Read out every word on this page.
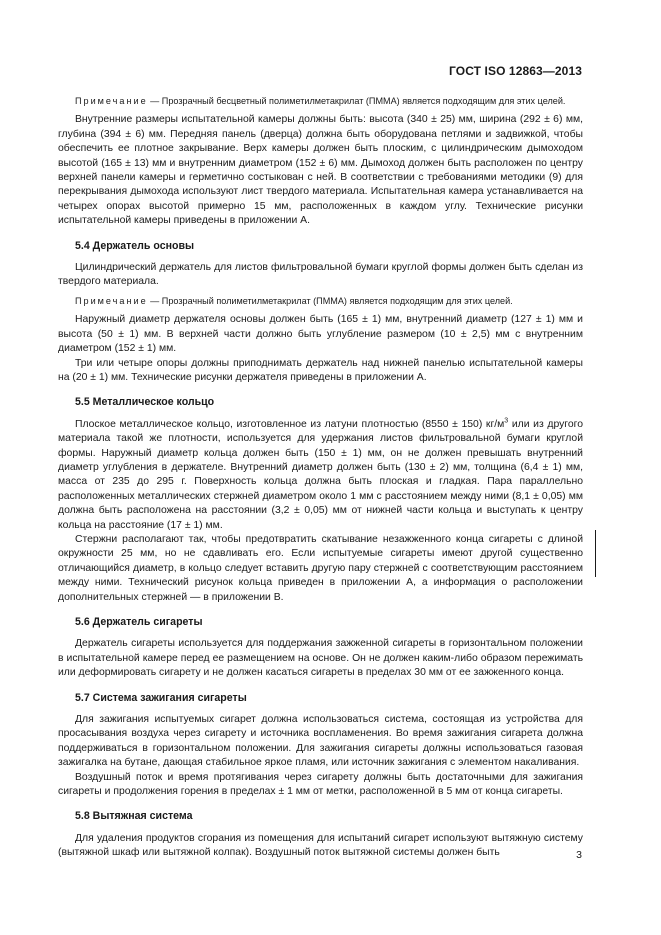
ГОСТ ISO 12863—2013

Примечание — Прозрачный бесцветный полиметилметакрилат (ПММА) является подходящим для этих целей.

Внутренние размеры испытательной камеры должны быть: высота (340 ± 25) мм, ширина (292 ± 6) мм, глубина (394 ± 6) мм. Передняя панель (дверца) должна быть оборудована петлями и задвижкой, чтобы обеспечить ее плотное закрывание. Верх камеры должен быть плоским, с цилиндрическим дымоходом высотой (165 ± 13) мм и внутренним диаметром (152 ± 6) мм. Дымоход должен быть расположен по центру верхней панели камеры и герметично состыкован с ней. В соответствии с требованиями методики (9) для перекрывания дымохода используют лист твердого материала. Испытательная камера устанавливается на четырех опорах высотой примерно 15 мм, расположенных в каждом углу. Технические рисунки испытательной камеры приведены в приложении А.

5.4 Держатель основы

Цилиндрический держатель для листов фильтровальной бумаги круглой формы должен быть сделан из твердого материала.

Примечание — Прозрачный полиметилметакрилат (ПММА) является подходящим для этих целей.

Наружный диаметр держателя основы должен быть (165 ± 1) мм, внутренний диаметр (127 ± 1) мм и высота (50 ± 1) мм. В верхней части должно быть углубление размером (10 ± 2,5) мм с внутренним диаметром (152 ± 1) мм.

Три или четыре опоры должны приподнимать держатель над нижней панелью испытательной камеры на (20 ± 1) мм. Технические рисунки держателя приведены в приложении А.

5.5 Металлическое кольцо

Плоское металлическое кольцо, изготовленное из латуни плотностью (8550 ± 150) $кг/м^3$ или из другого материала такой же плотности, используется для удержания листов фильтровальной бумаги круглой формы. Наружный диаметр кольца должен быть (150 ± 1) мм, он не должен превышать внутренний диаметр углубления в держателе. Внутренний диаметр должен быть (130 ± 2) мм, толщина (6,4 ± 1) мм, масса от 235 до 295 г. Поверхность кольца должна быть плоская и гладкая. Пара параллельно расположенных металлических стержней диаметром около 1 мм с расстоянием между ними (8,1 ± 0,05) мм должна быть расположена на расстоянии (3,2 ± 0,05) мм от нижней части кольца и выступать к центру кольца на расстояние (17 ± 1) мм.

Стержни располагают так, чтобы предотвратить скатывание незажженного конца сигареты с длиной окружности 25 мм, но не сдавливать его. Если испытуемые сигареты имеют другой существенно отличающийся диаметр, в кольцо следует вставить другую пару стержней с соответствующим расстоянием между ними. Технический рисунок кольца приведен в приложении А, а информация о расположении дополнительных стержней — в приложении В.

5.6 Держатель сигареты

Держатель сигареты используется для поддержания зажженной сигареты в горизонтальном положении в испытательной камере перед ее размещением на основе. Он не должен каким-либо образом пережимать или деформировать сигарету и не должен касаться сигареты в пределах 30 мм от ее зажженного конца.

5.7 Система зажигания сигареты

Для зажигания испытуемых сигарет должна использоваться система, состоящая из устройства для просасывания воздуха через сигарету и источника воспламенения. Во время зажигания сигарета должна поддерживаться в горизонтальном положении. Для зажигания сигареты должны использоваться газовая зажигалка на бутане, дающая стабильное яркое пламя, или источник зажигания с элементом накаливания.

Воздушный поток и время протягивания через сигарету должны быть достаточными для зажигания сигареты и продолжения горения в пределах ± 1 мм от метки, расположенной в 5 мм от конца сигареты.

5.8 Вытяжная система

Для удаления продуктов сгорания из помещения для испытаний сигарет используют вытяжную систему (вытяжной шкаф или вытяжной колпак). Воздушный поток вытяжной системы должен быть	3
